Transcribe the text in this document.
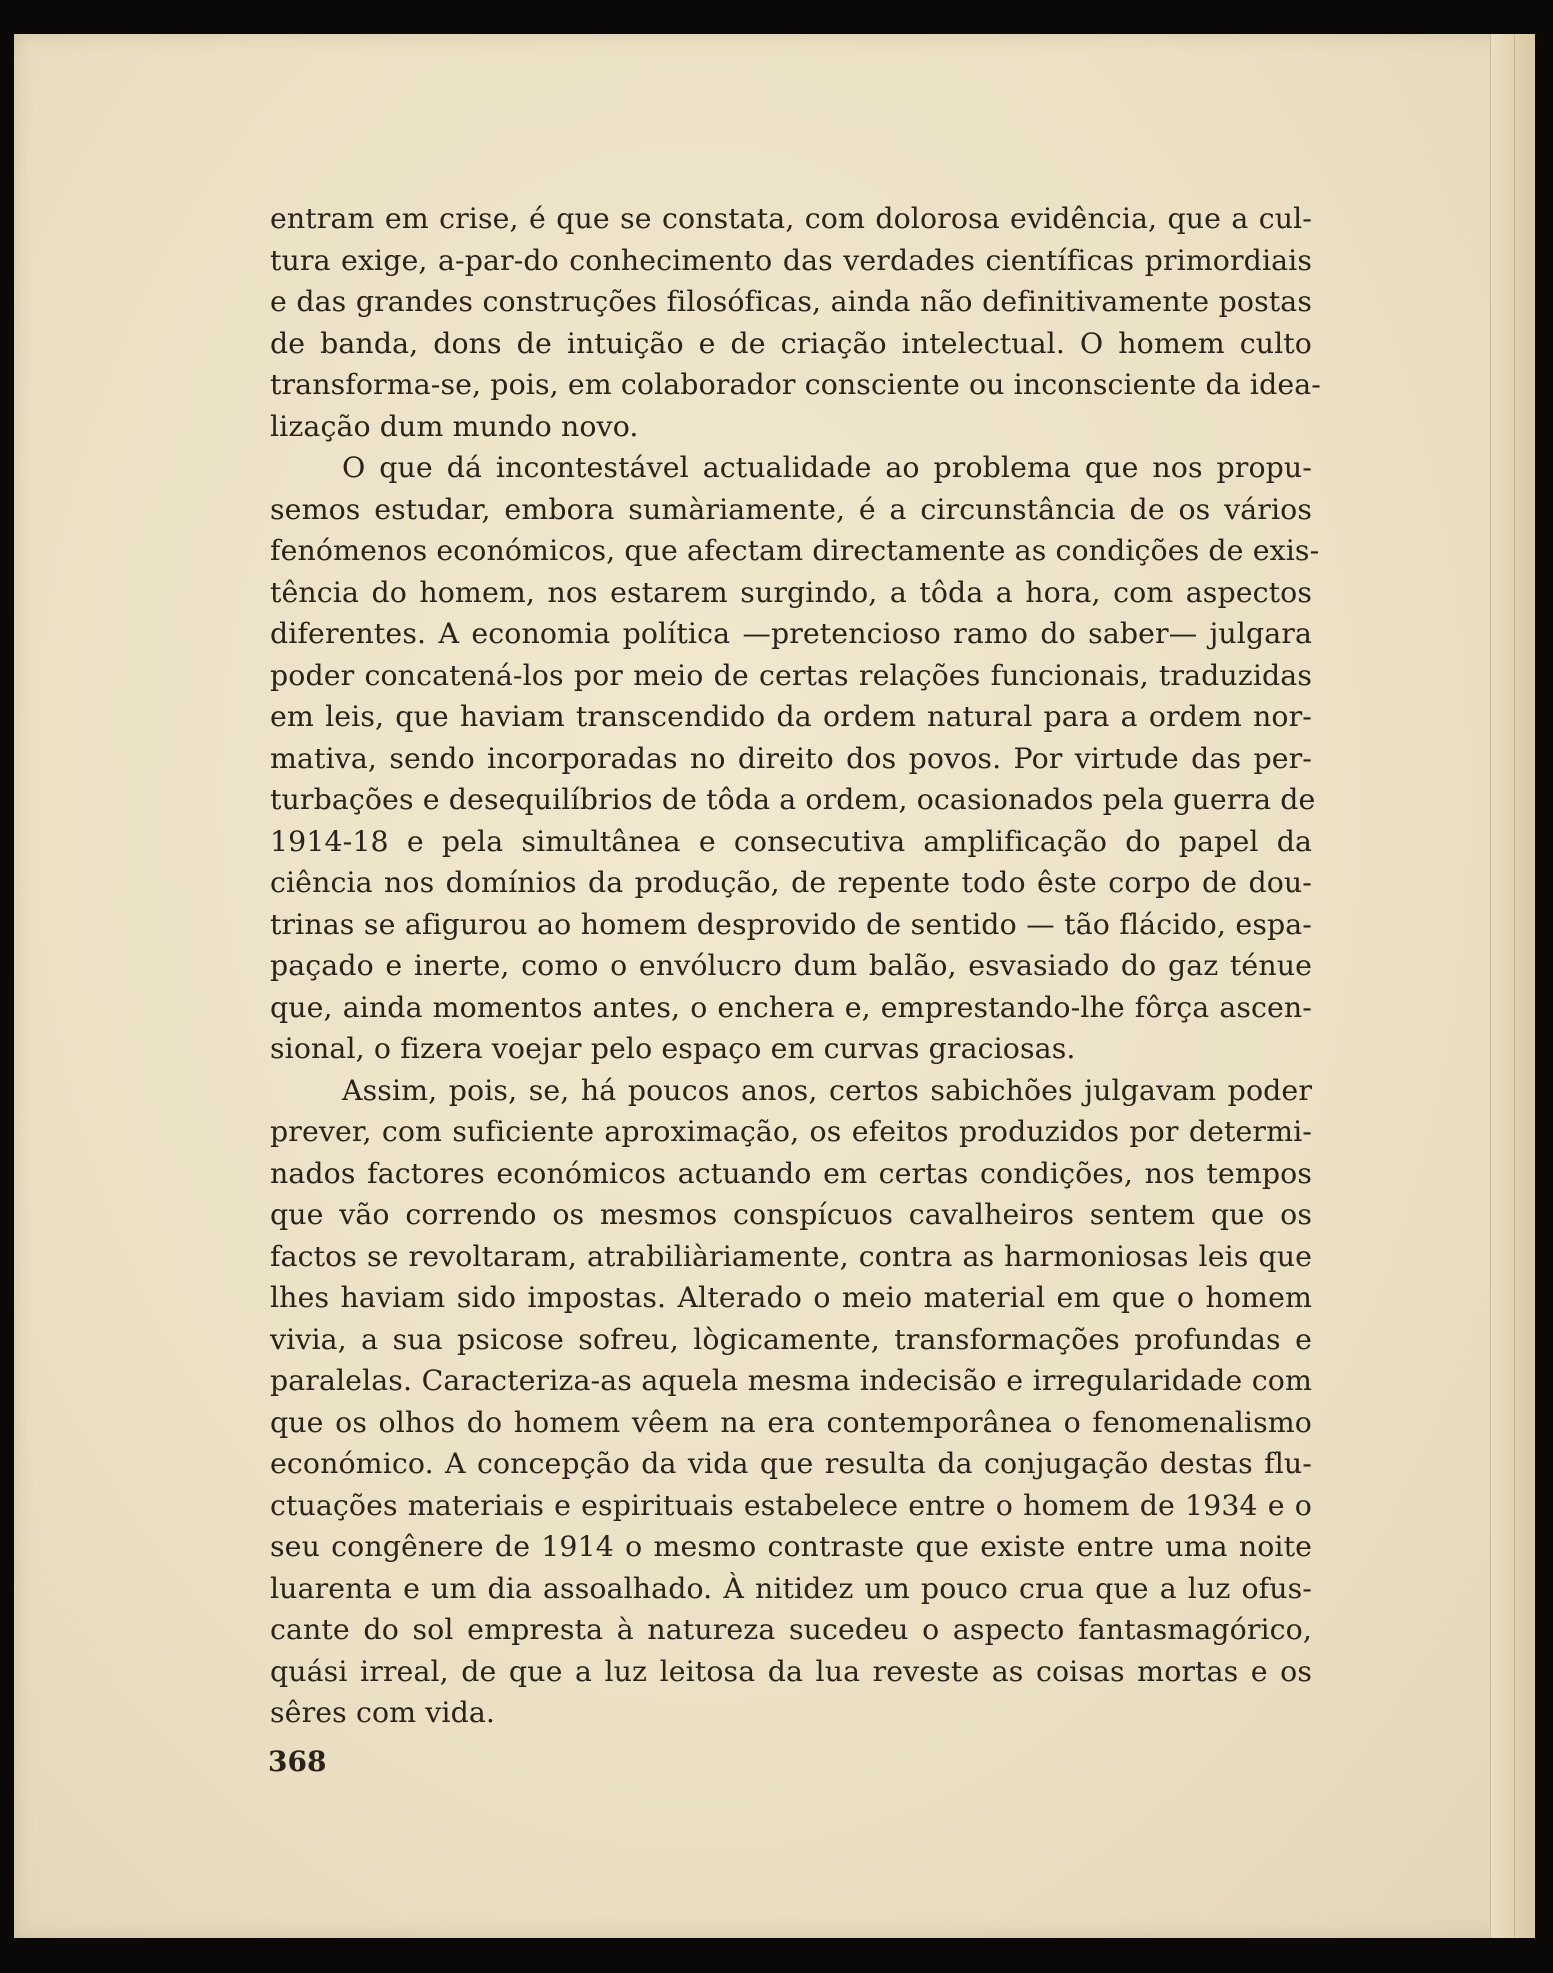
entram em crise, é que se constata, com dolorosa evidência, que a cul-
tura exige, a-par-do conhecimento das verdades científicas primordiais
e das grandes construções filosóficas, ainda não definitivamente postas
de banda, dons de intuição e de criação intelectual. O homem culto
transforma-se, pois, em colaborador consciente ou inconsciente da idea-
lização dum mundo novo.
O que dá incontestável actualidade ao problema que nos propu-
semos estudar, embora sumàriamente, é a circunstância de os vários
fenómenos económicos, que afectam directamente as condições de exis-
tência do homem, nos estarem surgindo, a tôda a hora, com aspectos
diferentes. A economia política —pretencioso ramo do saber— julgara
poder concatená-los por meio de certas relações funcionais, traduzidas
em leis, que haviam transcendido da ordem natural para a ordem nor-
mativa, sendo incorporadas no direito dos povos. Por virtude das per-
turbações e desequilíbrios de tôda a ordem, ocasionados pela guerra de
1914-18 e pela simultânea e consecutiva amplificação do papel da
ciência nos domínios da produção, de repente todo êste corpo de dou-
trinas se afigurou ao homem desprovido de sentido — tão flácido, espa-
paçado e inerte, como o envólucro dum balão, esvasiado do gaz ténue
que, ainda momentos antes, o enchera e, emprestando-lhe fôrça ascen-
sional, o fizera voejar pelo espaço em curvas graciosas.
Assim, pois, se, há poucos anos, certos sabichões julgavam poder
prever, com suficiente aproximação, os efeitos produzidos por determi-
nados factores económicos actuando em certas condições, nos tempos
que vão correndo os mesmos conspícuos cavalheiros sentem que os
factos se revoltaram, atrabiliàriamente, contra as harmoniosas leis que
lhes haviam sido impostas. Alterado o meio material em que o homem
vivia, a sua psicose sofreu, lògicamente, transformações profundas e
paralelas. Caracteriza-as aquela mesma indecisão e irregularidade com
que os olhos do homem vêem na era contemporânea o fenomenalismo
económico. A concepção da vida que resulta da conjugação destas flu-
ctuações materiais e espirituais estabelece entre o homem de 1934 e o
seu congênere de 1914 o mesmo contraste que existe entre uma noite
luarenta e um dia assoalhado. À nitidez um pouco crua que a luz ofus-
cante do sol empresta à natureza sucedeu o aspecto fantasmagórico,
quási irreal, de que a luz leitosa da lua reveste as coisas mortas e os
sêres com vida.
368
